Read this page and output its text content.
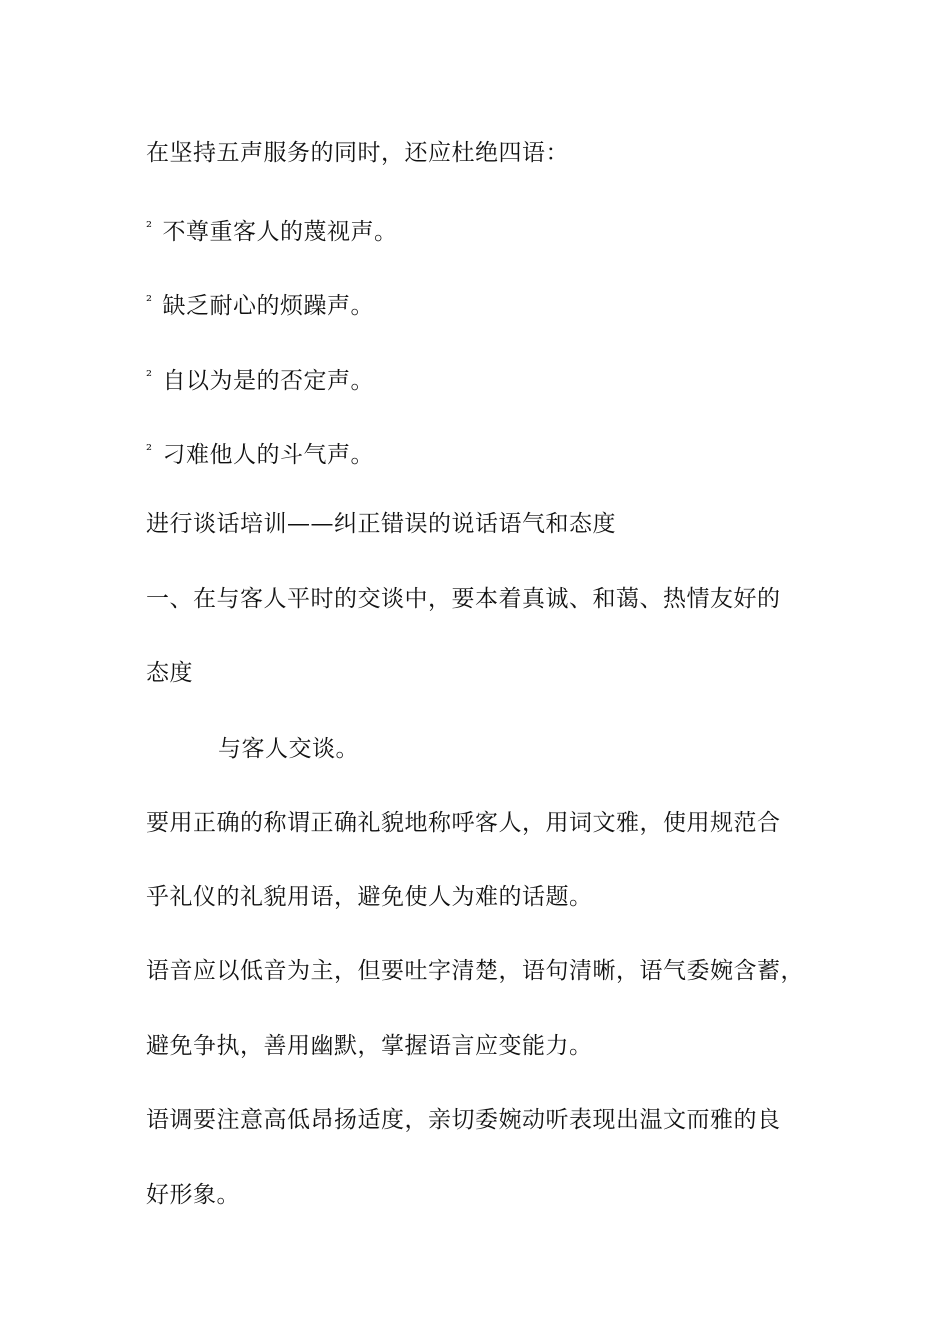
在坚持五声服务的同时，还应杜绝四语：
$^{^2}$ 不尊重客人的蔑视声。
$^{^2}$ 缺乏耐心的烦躁声。
$^{^2}$ 自以为是的否定声。
$^{^2}$ 刁难他人的斗气声。
进行谈话培训——纠正错误的说话语气和态度
一、在与客人平时的交谈中，要本着真诚、和蔼、热情友好的
态度
与客人交谈。
要用正确的称谓正确礼貌地称呼客人，用词文雅，使用规范合
乎礼仪的礼貌用语，避免使人为难的话题。
语音应以低音为主，但要吐字清楚，语句清晰，语气委婉含蓄，
避免争执，善用幽默，掌握语言应变能力。
语调要注意高低昂扬适度，亲切委婉动听表现出温文而雅的良
好形象。
